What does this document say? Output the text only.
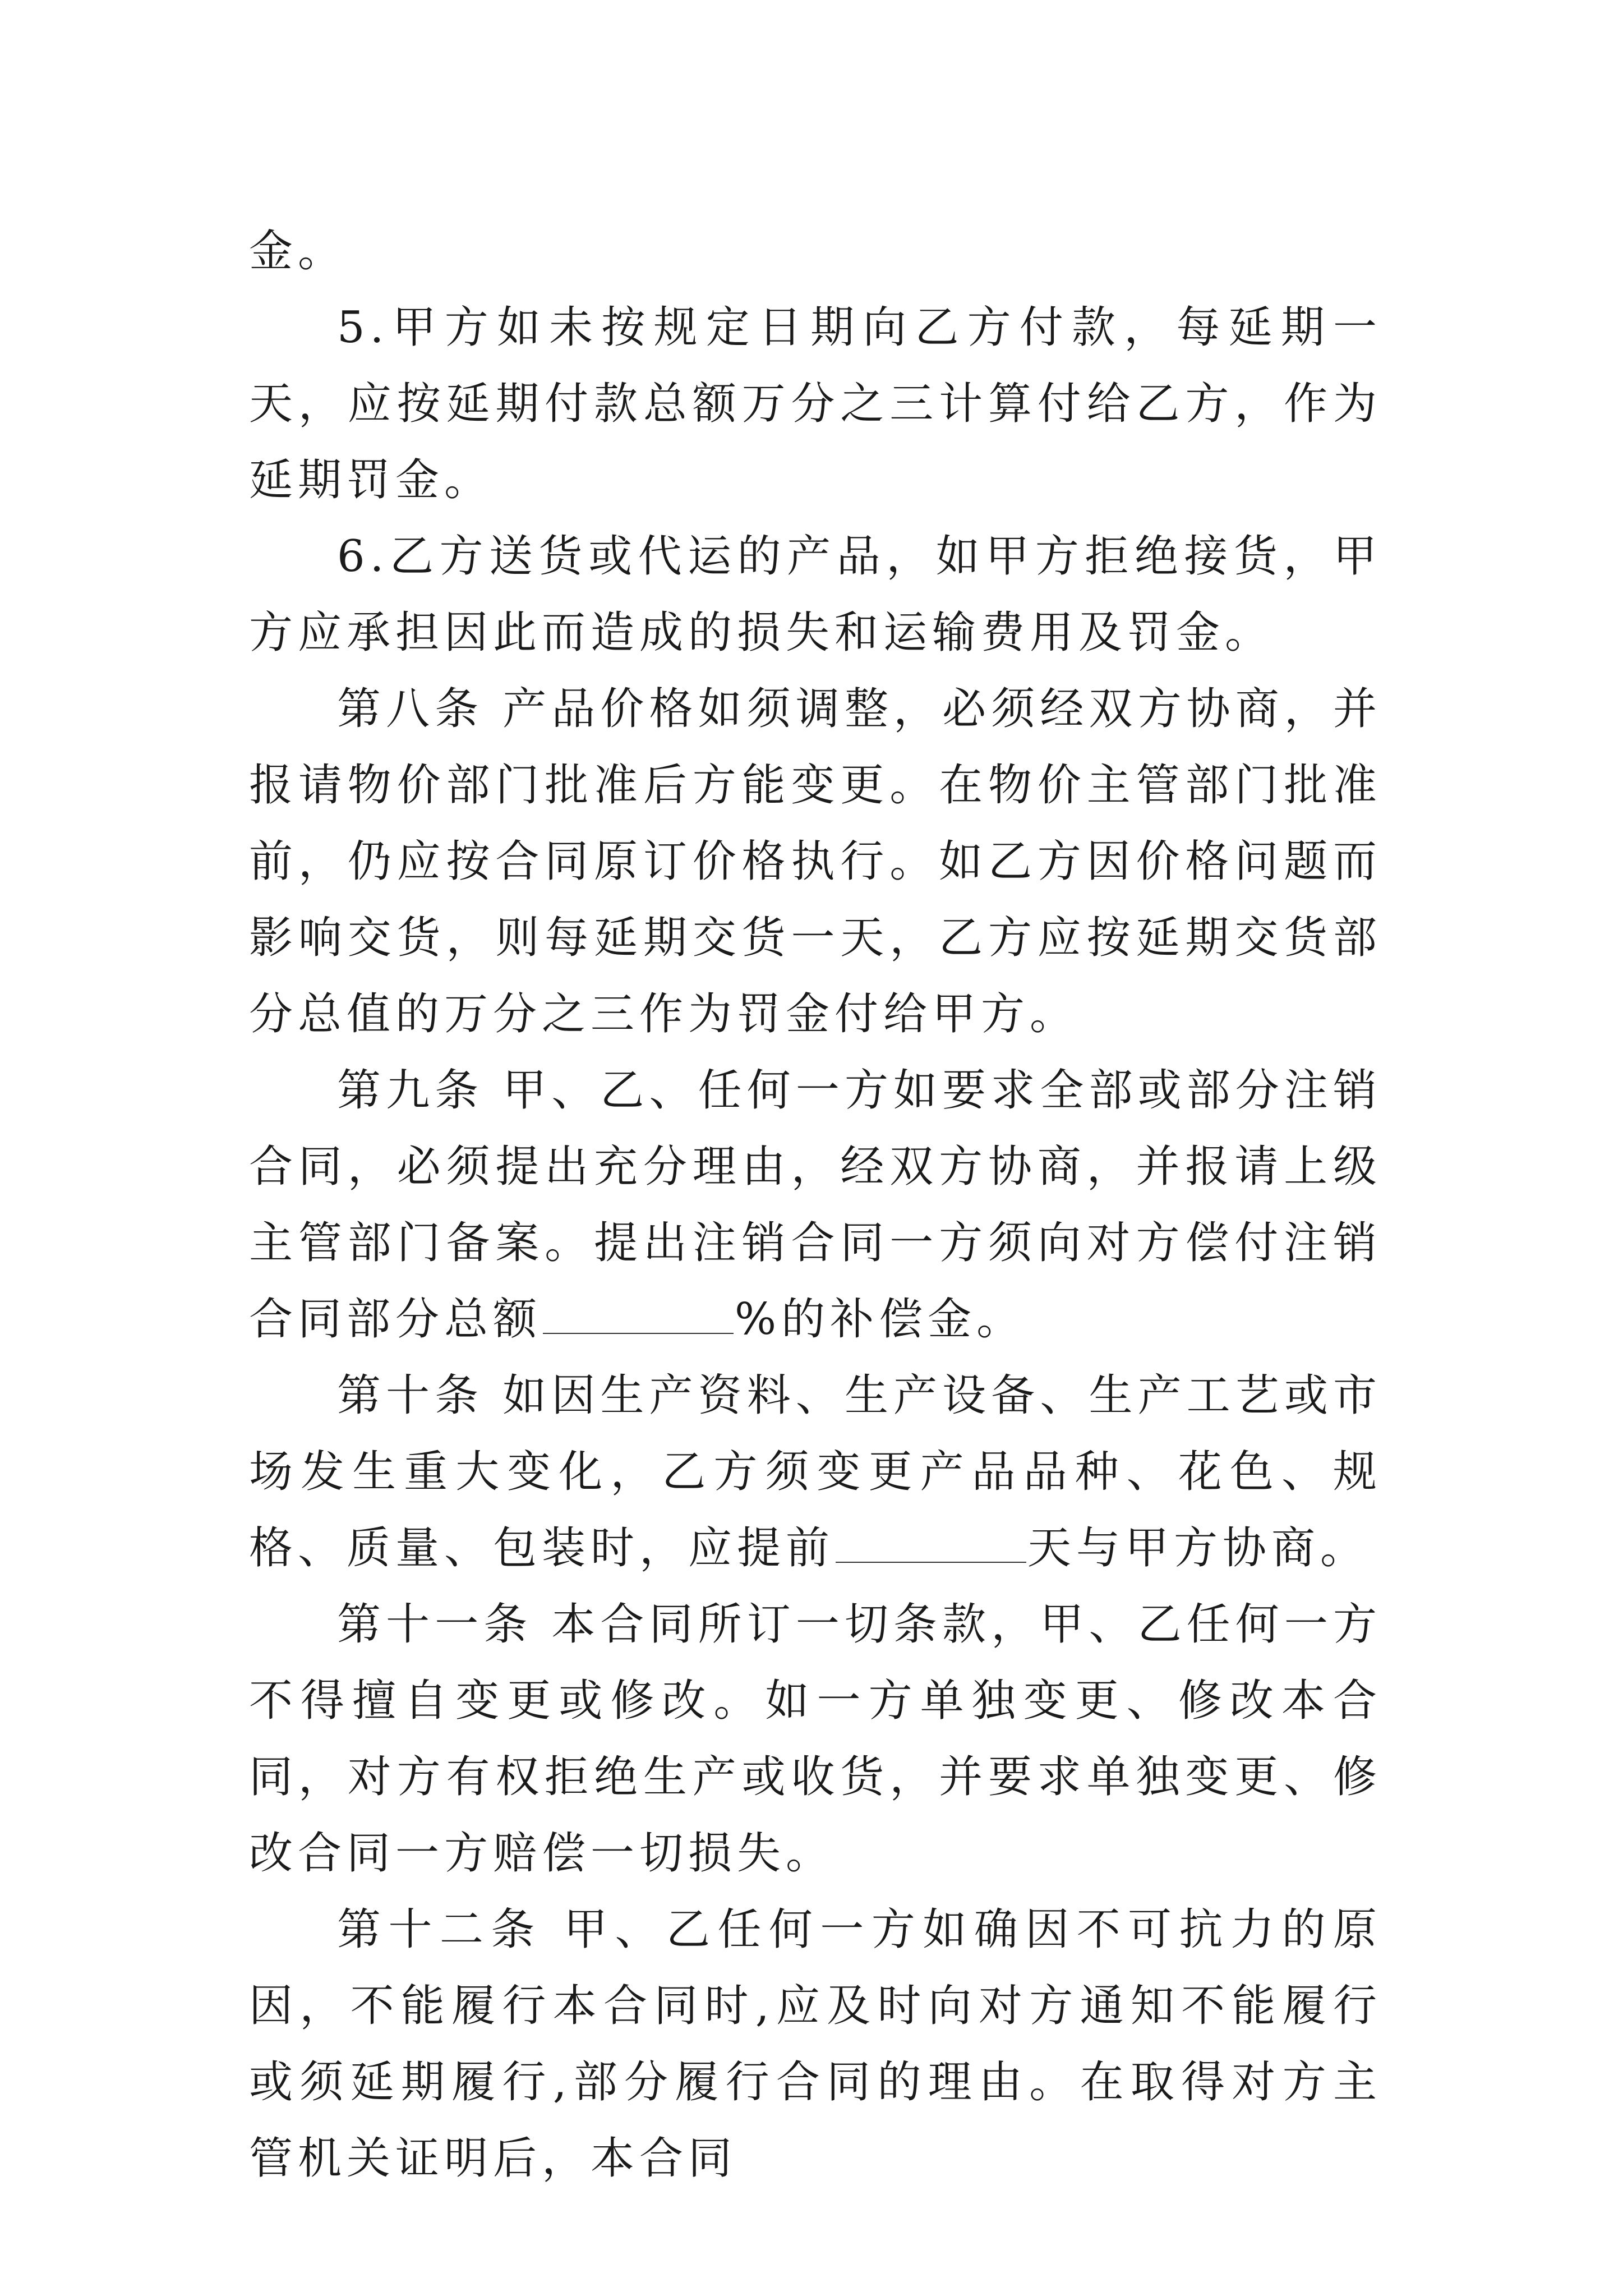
金。

5.甲方如未按规定日期向乙方付款，每延期一天，应按延期付款总额万分之三计算付给乙方，作为延期罚金。

6.乙方送货或代运的产品，如甲方拒绝接货，甲方应承担因此而造成的损失和运输费用及罚金。

第八条 产品价格如须调整，必须经双方协商，并报请物价部门批准后方能变更。在物价主管部门批准前，仍应按合同原订价格执行。如乙方因价格问题而影响交货，则每延期交货一天，乙方应按延期交货部分总值的万分之三作为罚金付给甲方。

第九条 甲、乙、任何一方如要求全部或部分注销合同，必须提出充分理由，经双方协商，并报请上级主管部门备案。提出注销合同一方须向对方偿付注销合同部分总额	%的补偿金。

第十条 如因生产资料、生产设备、生产工艺或市场发生重大变化，乙方须变更产品品种、花色、规格、质量、包装时，应提前	天与甲方协商。

第十一条 本合同所订一切条款，甲、乙任何一方不得擅自变更或修改。如一方单独变更、修改本合同，对方有权拒绝生产或收货，并要求单独变更、修改合同一方赔偿一切损失。

第十二条 甲、乙任何一方如确因不可抗力的原因，不能履行本合同时,应及时向对方通知不能履行或须延期履行,部分履行合同的理由。在取得对方主管机关证明后，本合同
